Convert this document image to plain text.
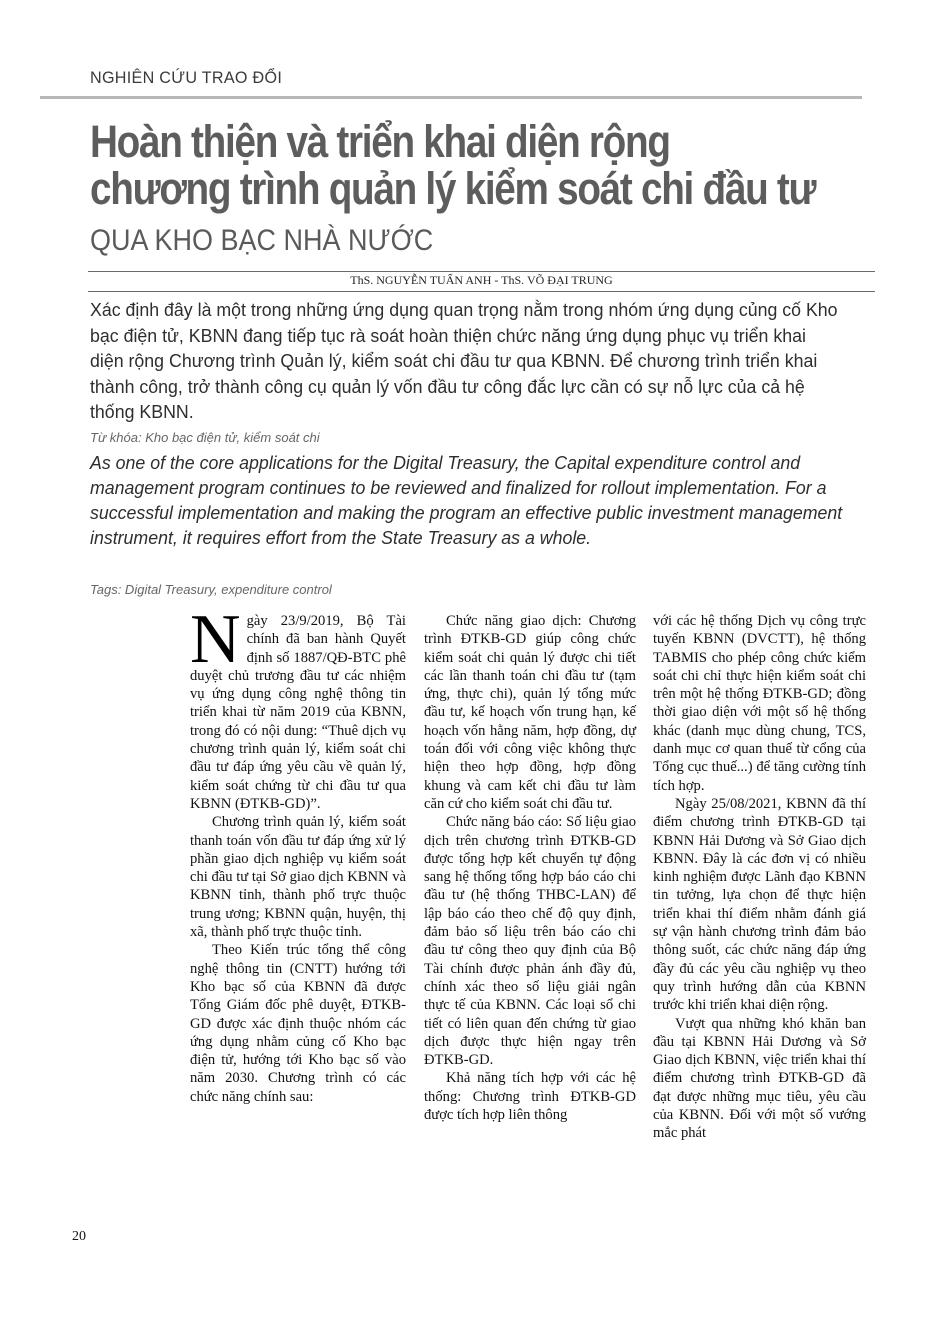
NGHIÊN CỨU TRAO ĐỔI
Hoàn thiện và triển khai diện rộng
chương trình quản lý kiểm soát chi đầu tư
QUA KHO BẠC NHÀ NƯỚC
ThS. NGUYỄN TUẤN ANH - ThS. VÕ ĐẠI TRUNG

Xác định đây là một trong những ứng dụng quan trọng nằm trong nhóm ứng dụng củng cố Kho bạc điện tử, KBNN đang tiếp tục rà soát hoàn thiện chức năng ứng dụng phục vụ triển khai diện rộng Chương trình Quản lý, kiểm soát chi đầu tư qua KBNN. Để chương trình triển khai thành công, trở thành công cụ quản lý vốn đầu tư công đắc lực cần có sự nỗ lực của cả hệ thống KBNN.

Từ khóa: Kho bạc điện tử, kiểm soát chi

As one of the core applications for the Digital Treasury, the Capital expenditure control and management program continues to be reviewed and finalized for rollout implementation. For a successful implementation and making the program an effective public investment management instrument, it requires effort from the State Treasury as a whole.

Tags: Digital Treasury, expenditure control

Ngày 23/9/2019, Bộ Tài chính đã ban hành Quyết định số 1887/QĐ-BTC phê duyệt chủ trương đầu tư các nhiệm vụ ứng dụng công nghệ thông tin triển khai từ năm 2019 của KBNN, trong đó có nội dung: “Thuê dịch vụ chương trình quản lý, kiểm soát chi đầu tư đáp ứng yêu cầu về quản lý, kiểm soát chứng từ chi đầu tư qua KBNN (ĐTKB-GD)”.

Chương trình quản lý, kiểm soát thanh toán vốn đầu tư đáp ứng xử lý phần giao dịch nghiệp vụ kiểm soát chi đầu tư tại Sở giao dịch KBNN và KBNN tỉnh, thành phố trực thuộc trung ương; KBNN quận, huyện, thị xã, thành phố trực thuộc tỉnh.

Theo Kiến trúc tổng thể công nghệ thông tin (CNTT) hướng tới Kho bạc số của KBNN đã được Tổng Giám đốc phê duyệt, ĐTKB-GD được xác định thuộc nhóm các ứng dụng nhằm củng cố Kho bạc điện tử, hướng tới Kho bạc số vào năm 2030. Chương trình có các chức năng chính sau:

Chức năng giao dịch: Chương trình ĐTKB-GD giúp công chức kiểm soát chi quản lý được chi tiết các lần thanh toán chi đầu tư (tạm ứng, thực chi), quản lý tổng mức đầu tư, kế hoạch vốn trung hạn, kế hoạch vốn hằng năm, hợp đồng, dự toán đối với công việc không thực hiện theo hợp đồng, hợp đồng khung và cam kết chi đầu tư làm căn cứ cho kiểm soát chi đầu tư.

Chức năng báo cáo: Số liệu giao dịch trên chương trình ĐTKB-GD được tổng hợp kết chuyển tự động sang hệ thống tổng hợp báo cáo chi đầu tư (hệ thống THBC-LAN) để lập báo cáo theo chế độ quy định, đảm bảo số liệu trên báo cáo chi đầu tư công theo quy định của Bộ Tài chính được phản ánh đầy đủ, chính xác theo số liệu giải ngân thực tế của KBNN. Các loại sổ chi tiết có liên quan đến chứng từ giao dịch được thực hiện ngay trên ĐTKB-GD.

Khả năng tích hợp với các hệ thống: Chương trình ĐTKB-GD được tích hợp liên thông

với các hệ thống Dịch vụ công trực tuyến KBNN (DVCTT), hệ thống TABMIS cho phép công chức kiểm soát chi chỉ thực hiện kiểm soát chi trên một hệ thống ĐTKB-GD; đồng thời giao diện với một số hệ thống khác (danh mục dùng chung, TCS, danh mục cơ quan thuế từ cổng của Tổng cục thuế...) để tăng cường tính tích hợp.

Ngày 25/08/2021, KBNN đã thí điểm chương trình ĐTKB-GD tại KBNN Hải Dương và Sở Giao dịch KBNN. Đây là các đơn vị có nhiều kinh nghiệm được Lãnh đạo KBNN tin tưởng, lựa chọn để thực hiện triển khai thí điểm nhằm đánh giá sự vận hành chương trình đảm bảo thông suốt, các chức năng đáp ứng đầy đủ các yêu cầu nghiệp vụ theo quy trình hướng dẫn của KBNN trước khi triển khai diện rộng.

Vượt qua những khó khăn ban đầu tại KBNN Hải Dương và Sở Giao dịch KBNN, việc triển khai thí điểm chương trình ĐTKB-GD đã đạt được những mục tiêu, yêu cầu của KBNN. Đối với một số vướng mắc phát

20
